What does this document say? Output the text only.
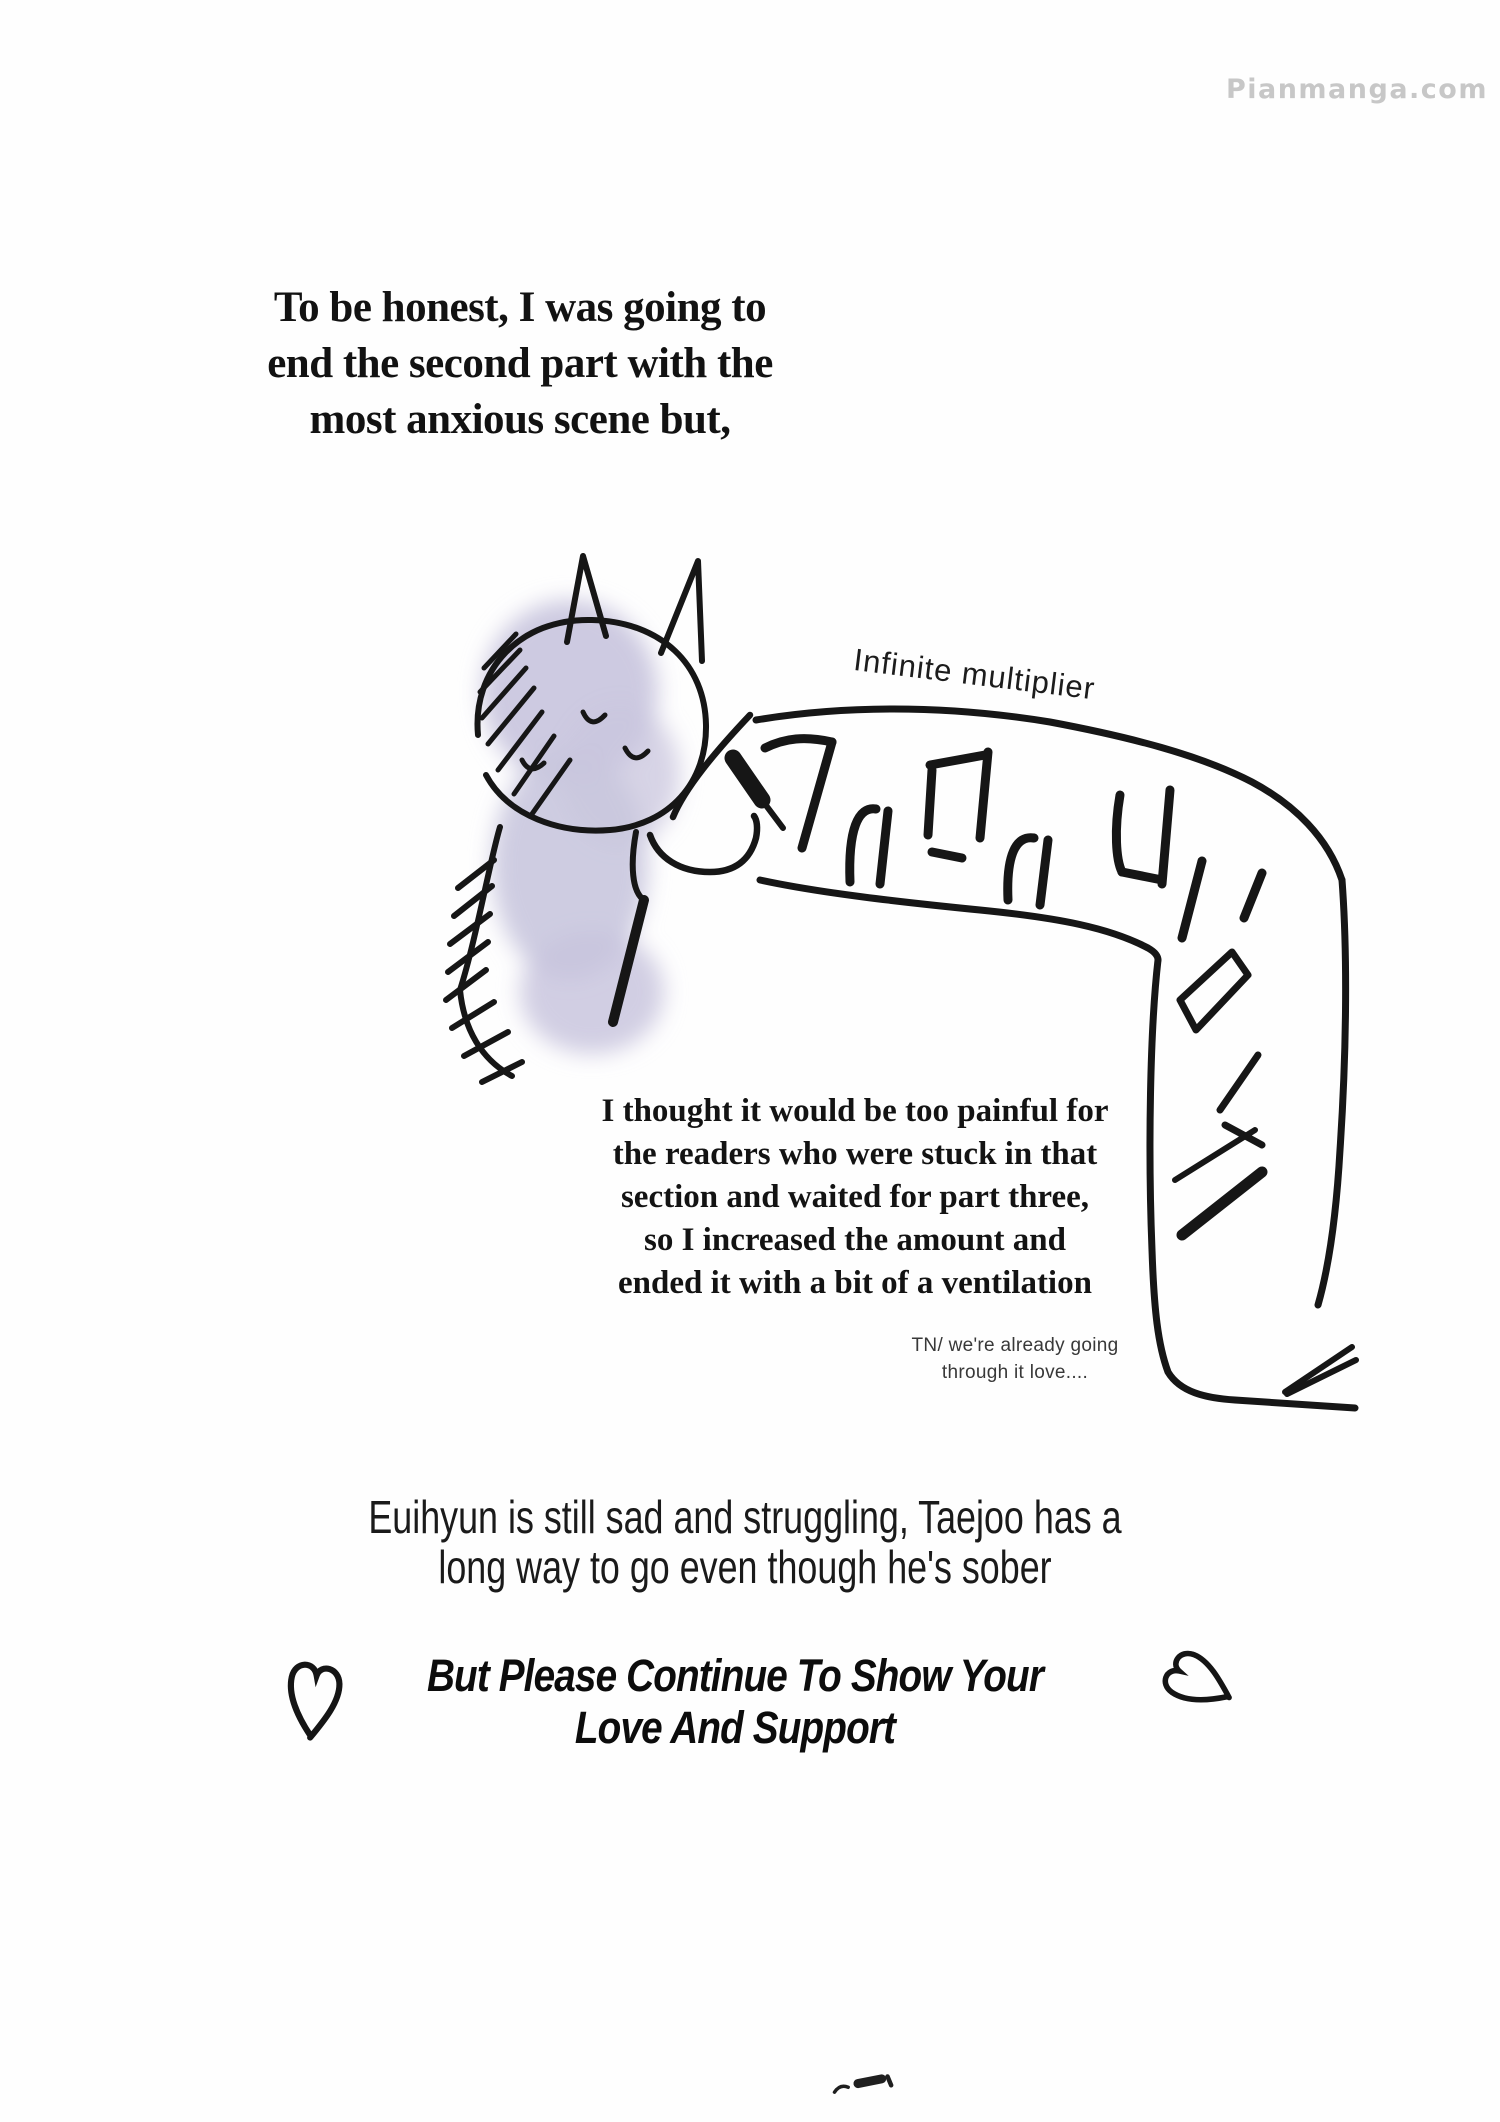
Pianmanga.com
To be honest, I was going to
end the second part with the
most anxious scene but,
Infinite multiplier
I thought it would be too painful for
the readers who were stuck in that
section and waited for part three,
so I increased the amount and
ended it with a bit of a ventilation
TN/ we're already going
through it love....
Euihyun is still sad and struggling, Taejoo has a
long way to go even though he's sober
But Please Continue To Show Your
Love And Support
